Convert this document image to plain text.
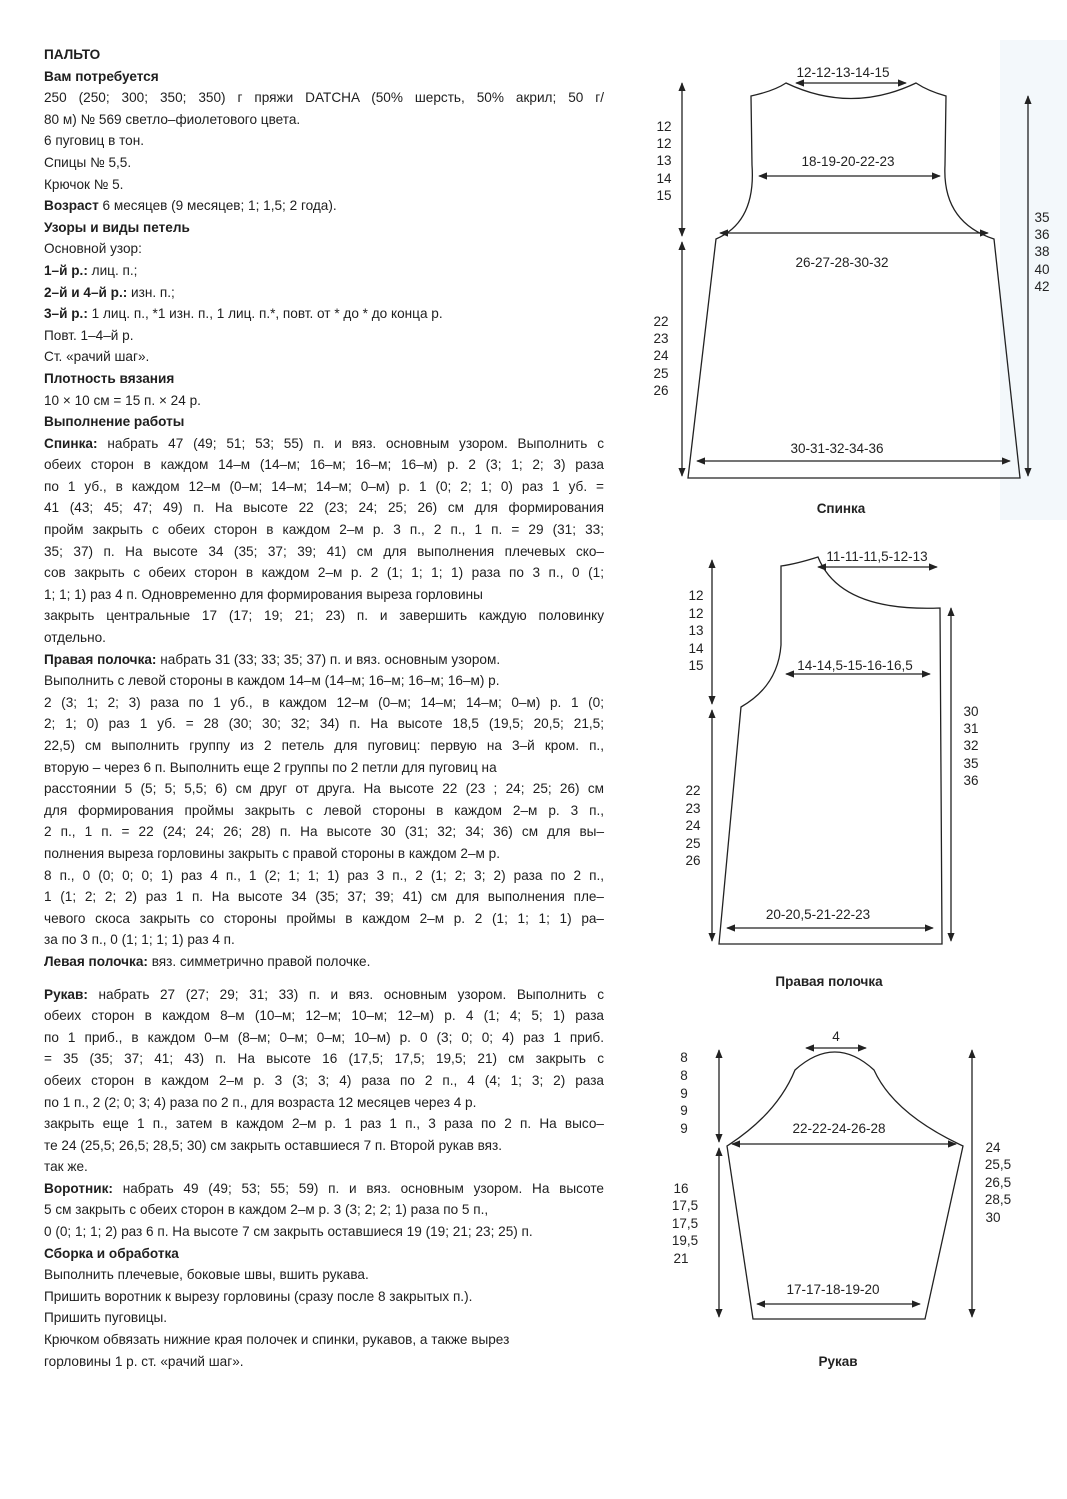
ПАЛЬТО
Вам потребуется
250 (250; 300; 350; 350) г пряжи DATCHA (50% шерсть, 50% акрил; 50 г/
80 м) № 569 светло–фиолетового цвета.
6 пуговиц в тон.
Спицы № 5,5.
Крючок № 5.
Возраст 6 месяцев (9 месяцев; 1; 1,5; 2 года).
Узоры и виды петель
Основной узор:
1–й р.: лиц. п.;
2–й и 4–й р.: изн. п.;
3–й р.: 1 лиц. п., *1 изн. п., 1 лиц. п.*, повт. от * до * до конца р.
Повт. 1–4–й р.
Ст. «рачий шаг».
Плотность вязания
10 × 10 см = 15 п. × 24 р.
Выполнение работы
Спинка: набрать 47 (49; 51; 53; 55) п. и вяз. основным узором. Выполнить с
обеих сторон в каждом 14–м (14–м; 16–м; 16–м; 16–м) р. 2 (3; 1; 2; 3) раза
по 1 уб., в каждом 12–м (0–м; 14–м; 14–м; 0–м) р. 1 (0; 2; 1; 0) раз 1 уб. =
41 (43; 45; 47; 49) п. На высоте 22 (23; 24; 25; 26) см для формирования
пройм закрыть с обеих сторон в каждом 2–м р. 3 п., 2 п., 1 п. = 29 (31; 33;
35; 37) п. На высоте 34 (35; 37; 39; 41) см для выполнения плечевых ско–
сов закрыть с обеих сторон в каждом 2–м р. 2 (1; 1; 1; 1) раза по 3 п., 0 (1;
1; 1; 1) раз 4 п. Одновременно для формирования выреза горловины
закрыть центральные 17 (17; 19; 21; 23) п. и завершить каждую половинку
отдельно.
Правая полочка: набрать 31 (33; 33; 35; 37) п. и вяз. основным узором.
Выполнить с левой стороны в каждом 14–м (14–м; 16–м; 16–м; 16–м) р.
2 (3; 1; 2; 3) раза по 1 уб., в каждом 12–м (0–м; 14–м; 14–м; 0–м) р. 1 (0;
2; 1; 0) раз 1 уб. = 28 (30; 30; 32; 34) п. На высоте 18,5 (19,5; 20,5; 21,5;
22,5) см выполнить группу из 2 петель для пуговиц: первую на 3–й кром. п.,
вторую – через 6 п. Выполнить еще 2 группы по 2 петли для пуговиц на
расстоянии 5 (5; 5; 5,5; 6) см друг от друга. На высоте 22 (23 ; 24; 25; 26) см
для формирования проймы закрыть с левой стороны в каждом 2–м р. 3 п.,
2 п., 1 п. = 22 (24; 24; 26; 28) п. На высоте 30 (31; 32; 34; 36) см для вы–
полнения выреза горловины закрыть с правой стороны в каждом 2–м р.
8 п., 0 (0; 0; 0; 1) раз 4 п., 1 (2; 1; 1; 1) раз 3 п., 2 (1; 2; 3; 2) раза по 2 п.,
1 (1; 2; 2; 2) раз 1 п. На высоте 34 (35; 37; 39; 41) см для выполнения пле–
чевого скоса закрыть со стороны проймы в каждом 2–м р. 2 (1; 1; 1; 1) ра–
за по 3 п., 0 (1; 1; 1; 1) раз 4 п.
Левая полочка: вяз. симметрично правой полочке.
Рукав: набрать 27 (27; 29; 31; 33) п. и вяз. основным узором. Выполнить с
обеих сторон в каждом 8–м (10–м; 12–м; 10–м; 12–м) р. 4 (1; 4; 5; 1) раза
по 1 приб., в каждом 0–м (8–м; 0–м; 0–м; 10–м) р. 0 (3; 0; 0; 4) раз 1 приб.
= 35 (35; 37; 41; 43) п. На высоте 16 (17,5; 17,5; 19,5; 21) см закрыть с
обеих сторон в каждом 2–м р. 3 (3; 3; 4) раза по 2 п., 4 (4; 1; 3; 2) раза
по 1 п., 2 (2; 0; 3; 4) раза по 2 п., для возраста 12 месяцев через 4 р.
закрыть еще 1 п., затем в каждом 2–м р. 1 раз 1 п., 3 раза по 2 п. На высо–
те 24 (25,5; 26,5; 28,5; 30) см закрыть оставшиеся 7 п. Второй рукав вяз.
так же.
Воротник: набрать 49 (49; 53; 55; 59) п. и вяз. основным узором. На высоте
5 см закрыть с обеих сторон в каждом 2–м р. 3 (3; 2; 2; 1) раза по 5 п.,
0 (0; 1; 1; 2) раз 6 п. На высоте 7 см закрыть оставшиеся 19 (19; 21; 23; 25) п.
Сборка и обработка
Выполнить плечевые, боковые швы, вшить рукава.
Пришить воротник к вырезу горловины (сразу после 8 закрытых п.).
Пришить пуговицы.
Крючком обвязать нижние края полочек и спинки, рукавов, а также вырез
горловины 1 р. ст. «рачий шаг».
12-12-13-14-15
18-19-20-22-23
26-27-28-30-32
30-31-32-34-36
Спинка
12
12
13
14
15
22
23
24
25
26
35
36
38
40
42
11-11-11,5-12-13
14-14,5-15-16-16,5
20-20,5-21-22-23
Правая полочка
12
12
13
14
15
22
23
24
25
26
30
31
32
35
36
4
22-22-24-26-28
17-17-18-19-20
Рукав
8
8
9
9
9
16
17,5
17,5
19,5
21
24
25,5
26,5
28,5
30
